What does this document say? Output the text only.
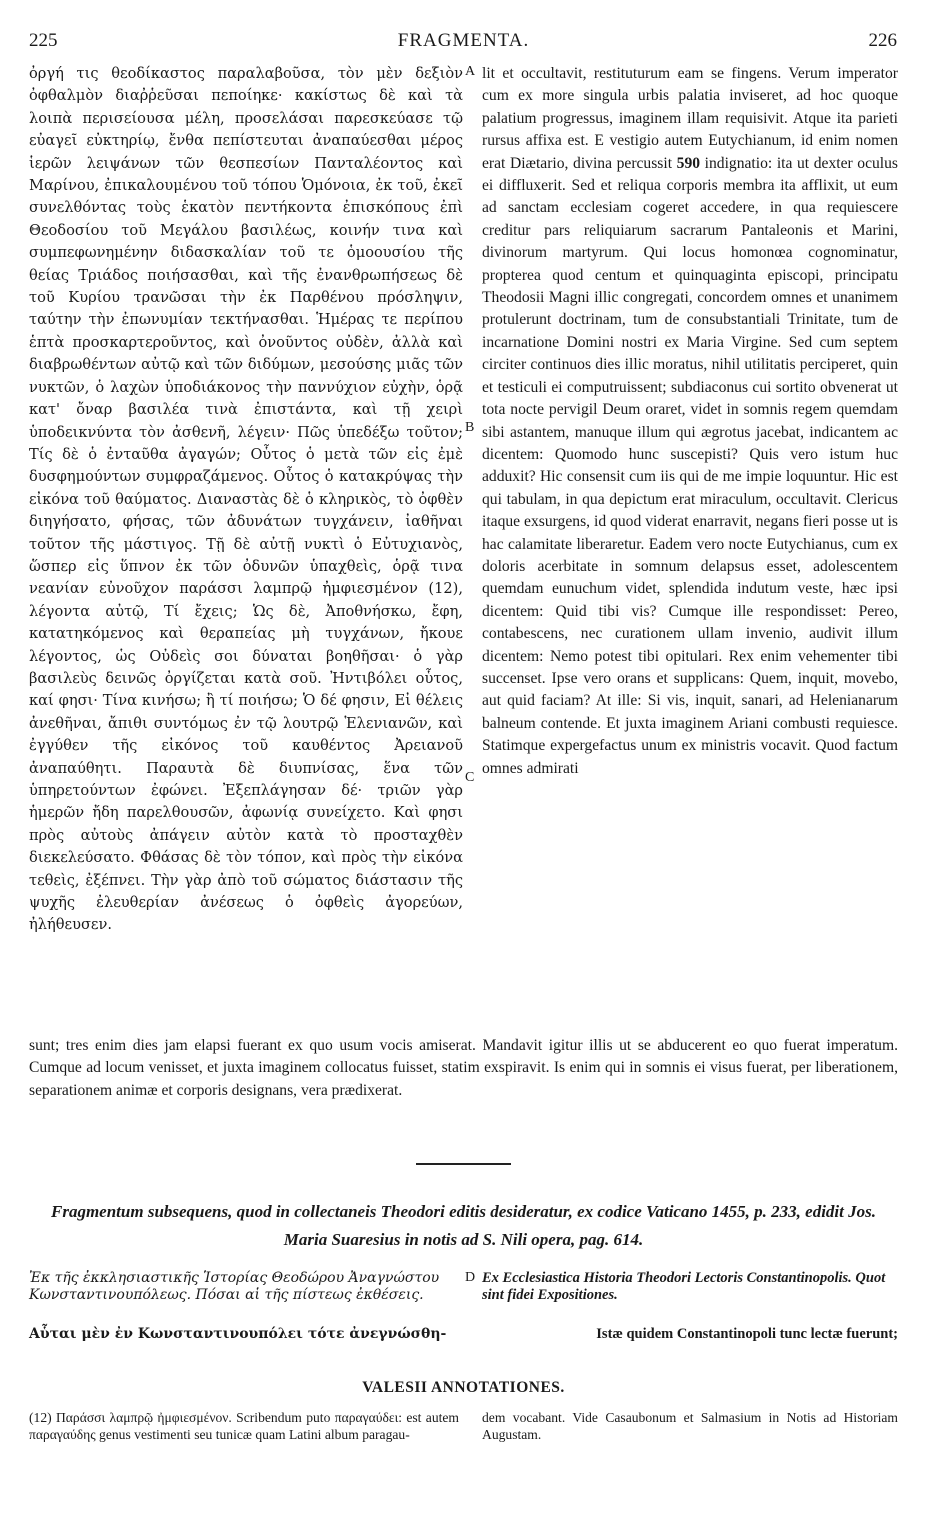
225	FRAGMENTA.	226

ὀργή τις θεοδίκαστος παραλαβοῦσα, τὸν μὲν δεξιὸν ὀφθαλμὸν διαῤῥεῦσαι πεποίηκε· κακίστως δὲ καὶ τὰ λοιπὰ περισείουσα μέλη, προσελάσαι παρεσκεύασε τῷ εὐαγεῖ εὐκτηρίῳ, ἔνθα πεπίστευται ἀναπαύεσθαι μέρος ἱερῶν λειψάνων τῶν θεσπεσίων Πανταλέοντος καὶ Μαρίνου, ἐπικαλουμένου τοῦ τόπου Ὁμόνοια, ἐκ τοῦ, ἐκεῖ συνελθόντας τοὺς ἑκατὸν πεντήκοντα ἐπισκόπους ἐπὶ Θεοδοσίου τοῦ Μεγάλου βασιλέως, κοινήν τινα καὶ συμπεφωνημένην διδασκαλίαν τοῦ τε ὁμοουσίου τῆς θείας Τριάδος ποιήσασθαι, καὶ τῆς ἐνανθρωπήσεως δὲ τοῦ Κυρίου τρανῶσαι τὴν ἐκ Παρθένου πρόσληψιν, ταύτην τὴν ἐπωνυμίαν τεκτήνασθαι. Ἡμέρας τε περίπου ἑπτὰ προσκαρτεροῦντος, καὶ ὀνοῦντος οὐδὲν, ἀλλὰ καὶ διαβρωθέντων αὐτῷ καὶ τῶν διδύμων, μεσούσης μιᾶς τῶν νυκτῶν, ὁ λαχὼν ὑποδιάκονος τὴν παννύχιον εὐχὴν, ὁρᾷ κατ' ὄναρ βασιλέα τινὰ ἐπιστάντα, καὶ τῇ χειρὶ ὑποδεικνύντα τὸν ἀσθενῆ, λέγειν· Πῶς ὑπεδέξω τοῦτον; Τίς δὲ ὁ ἐνταῦθα ἀγαγών; Οὗτος ὁ μετὰ τῶν εἰς ἐμὲ δυσφημούντων συμφραζάμενος. Οὗτος ὁ κατακρύψας τὴν εἰκόνα τοῦ θαύματος. Διαναστὰς δὲ ὁ κληρικὸς, τὸ ὀφθὲν διηγήσατο, φήσας, τῶν ἀδυνάτων τυγχάνειν, ἰαθῆναι τοῦτον τῆς μάστιγος. Τῇ δὲ αὐτῇ νυκτὶ ὁ Εὐτυχιανὸς, ὥσπερ εἰς ὕπνον ἐκ τῶν ὀδυνῶν ὑπαχθεὶς, ὁρᾷ τινα νεανίαν εὐνοῦχον παράσσι λαμπρῷ ἠμφιεσμένον (12), λέγοντα αὐτῷ, Τί ἔχεις; Ὡς δὲ, Ἀποθνήσκω, ἔφη, κατατηκόμενος καὶ θεραπείας μὴ τυγχάνων, ἤκουε λέγοντος, ὡς Οὐδεὶς σοι δύναται βοηθῆσαι· ὁ γὰρ βασιλεὺς δεινῶς ὀργίζεται κατὰ σοῦ. Ἠντιβόλει οὗτος, καί φησι· Τίνα κινήσω; ἢ τί ποιήσω; Ὁ δέ φησιν, Εἰ θέλεις ἀνεθῆναι, ἄπιθι συντόμως ἐν τῷ λουτρῷ Ἑλενιανῶν, καὶ ἐγγύθεν τῆς εἰκόνος τοῦ καυθέντος Ἀρειανοῦ ἀναπαύθητι. Παραυτὰ δὲ διυπνίσας, ἕνα τῶν ὑπηρετούντων ἐφώνει. Ἐξεπλάγησαν δέ· τριῶν γὰρ ἡμερῶν ἤδη παρελθουσῶν, ἀφωνίᾳ συνείχετο. Καὶ φησι πρὸς αὐτοὺς ἀπάγειν αὐτὸν κατὰ τὸ προσταχθὲν διεκελεύσατο. Φθάσας δὲ τὸν τόπον, καὶ πρὸς τὴν εἰκόνα τεθεὶς, ἐξέπνει. Τὴν γὰρ ἀπὸ τοῦ σώματος διάστασιν τῆς ψυχῆς ἐλευθερίαν ἀνέσεως ὁ ὀφθεὶς ἀγορεύων, ἠλήθευσεν.

A
B
C

lit et occultavit, restituturum eam se fingens. Verum imperator cum ex more singula urbis palatia inviseret, ad hoc quoque palatium progressus, imaginem illam requisivit. Atque ita parieti rursus affixa est. E vestigio autem Eutychianum, id enim nomen erat Diætario, divina percussit 590 indignatio: ita ut dexter oculus ei diffluxerit. Sed et reliqua corporis membra ita afflixit, ut eum ad sanctam ecclesiam cogeret accedere, in qua requiescere creditur pars reliquiarum sacrarum Pantaleonis et Marini, divinorum martyrum. Qui locus homonœa cognominatur, propterea quod centum et quinquaginta episcopi, principatu Theodosii Magni illic congregati, concordem omnes et unanimem protulerunt doctrinam, tum de consubstantiali Trinitate, tum de incarnatione Domini nostri ex Maria Virgine. Sed cum septem circiter continuos dies illic moratus, nihil utilitatis perciperet, quin et testiculi ei computruissent; subdiaconus cui sortito obvenerat ut tota nocte pervigil Deum oraret, videt in somnis regem quemdam sibi astantem, manuque illum qui ægrotus jacebat, indicantem ac dicentem: Quomodo hunc suscepisti? Quis vero istum huc adduxit? Hic consensit cum iis qui de me impie loquuntur. Hic est qui tabulam, in qua depictum erat miraculum, occultavit. Clericus itaque exsurgens, id quod viderat enarravit, negans fieri posse ut is hac calamitate liberaretur. Eadem vero nocte Eutychianus, cum ex doloris acerbitate in somnum delapsus esset, adolescentem quemdam eunuchum videt, splendida indutum veste, hæc ipsi dicentem: Quid tibi vis? Cumque ille respondisset: Pereo, contabescens, nec curationem ullam invenio, audivit illum dicentem: Nemo potest tibi opitulari. Rex enim vehementer tibi succenset. Ipse vero orans et supplicans: Quem, inquit, movebo, aut quid faciam? At ille: Si vis, inquit, sanari, ad Helenianarum balneum contende. Et juxta imaginem Ariani combusti requiesce. Statimque expergefactus unum ex ministris vocavit. Quod factum omnes admirati

sunt; tres enim dies jam elapsi fuerant ex quo usum vocis amiserat. Mandavit igitur illis ut se abducerent eo quo fuerat imperatum. Cumque ad locum venisset, et juxta imaginem collocatus fuisset, statim exspiravit. Is enim qui in somnis ei visus fuerat, per liberationem, separationem animæ et corporis designans, vera prædixerat.
Fragmentum subsequens, quod in collectaneis Theodori editis desideratur, ex codice Vaticano 1455, p. 233, edidit Jos. Maria Suaresius in notis ad S. Nili opera, pag. 614.
Ἐκ τῆς ἐκκλησιαστικῆς Ἱστορίας Θεοδώρου Ἀναγνώστου Κωνσταντινουπόλεως. Πόσαι αἱ τῆς πίστεως ἐκθέσεις.
D Ex Ecclesiastica Historia Theodori Lectoris Constantinopolis. Quot sint fidei Expositiones.
Αὗται μὲν ἐν Κωνσταντινουπόλει τότε ἀνεγνώσθη-	Istæ quidem Constantinopoli tunc lectæ fuerunt;
VALESII ANNOTATIONES.
(12) Παράσσι λαμπρῷ ἠμφιεσμένον. Scribendum puto παραγαύδει: est autem παραγαύδης genus vestimenti seu tunicæ quam Latini album paragau-
dem vocabant. Vide Casaubonum et Salmasium in Notis ad Historiam Augustam.
